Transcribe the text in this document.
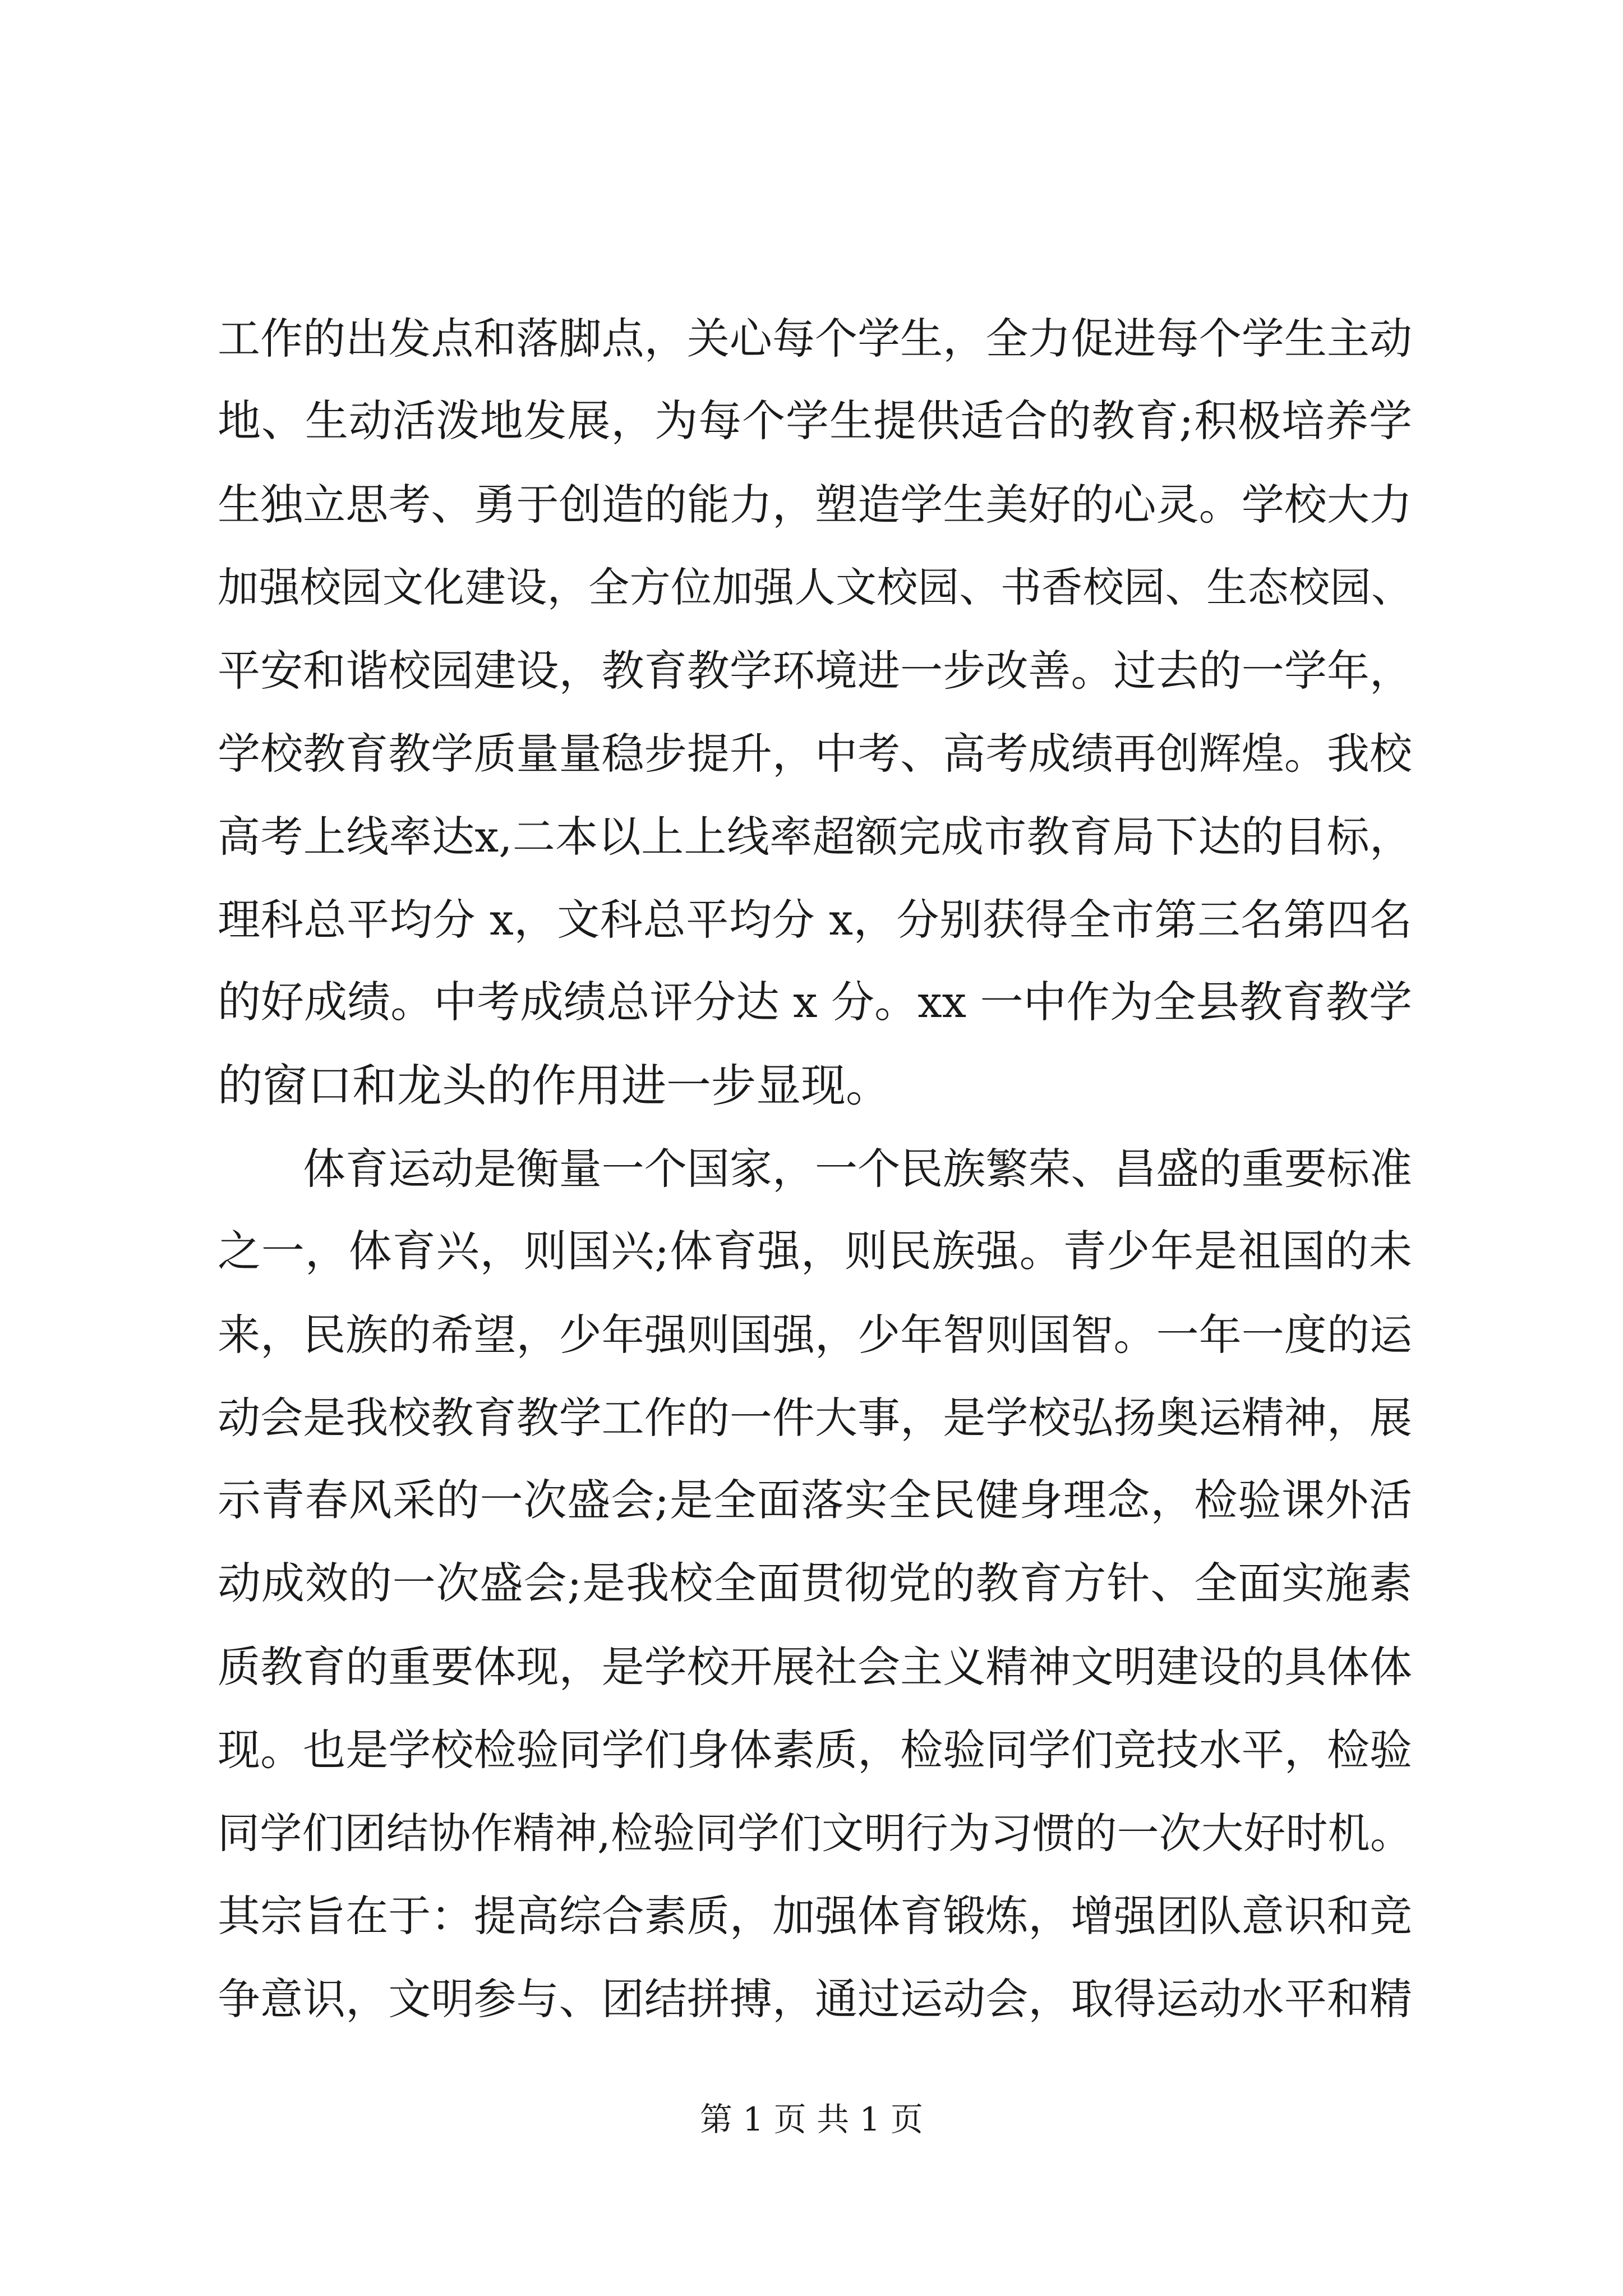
工作的出发点和落脚点，关心每个学生，全力促进每个学生主动
地、生动活泼地发展，为每个学生提供适合的教育;积极培养学
生独立思考、勇于创造的能力，塑造学生美好的心灵。学校大力
加强校园文化建设，全方位加强人文校园、书香校园、生态校园、
平安和谐校园建设，教育教学环境进一步改善。过去的一学年，
学校教育教学质量量稳步提升，中考、高考成绩再创辉煌。我校
高考上线率达x,二本以上上线率超额完成市教育局下达的目标，
理科总平均分 x，文科总平均分 x，分别获得全市第三名第四名
的好成绩。中考成绩总评分达 x 分。xx 一中作为全县教育教学
的窗口和龙头的作用进一步显现。
　　体育运动是衡量一个国家，一个民族繁荣、昌盛的重要标准
之一，体育兴，则国兴;体育强，则民族强。青少年是祖国的未
来，民族的希望，少年强则国强，少年智则国智。一年一度的运
动会是我校教育教学工作的一件大事，是学校弘扬奥运精神，展
示青春风采的一次盛会;是全面落实全民健身理念，检验课外活
动成效的一次盛会;是我校全面贯彻党的教育方针、全面实施素
质教育的重要体现，是学校开展社会主义精神文明建设的具体体
现。也是学校检验同学们身体素质，检验同学们竞技水平，检验
同学们团结协作精神,检验同学们文明行为习惯的一次大好时机。
其宗旨在于：提高综合素质，加强体育锻炼，增强团队意识和竞
争意识，文明参与、团结拼搏，通过运动会，取得运动水平和精
第 1 页 共 1 页
